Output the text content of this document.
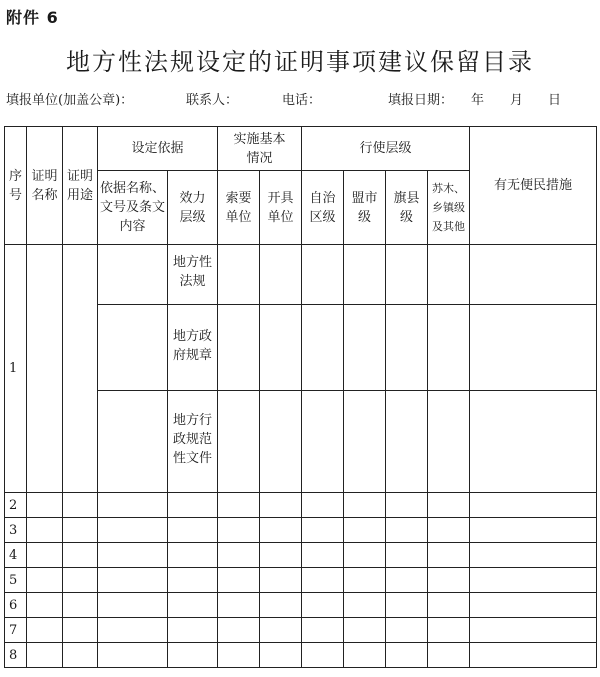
附件 6
地方性法规设定的证明事项建议保留目录
填报单位(加盖公章)：	联系人：	电话：	填报日期： 年 月 日
序号	证明名称	证明用途	设定依据		实施基本情况		行使层级				有无便民措施
			依据名称、文号及条文内容	效力层级	索要单位	开具单位	自治区级	盟市级	旗县级	苏木、乡镇级及其他	
1				地方性法规							
				地方政府规章							
				地方行政规范性文件							
2											
3											
4											
5											
6											
7											
8											
